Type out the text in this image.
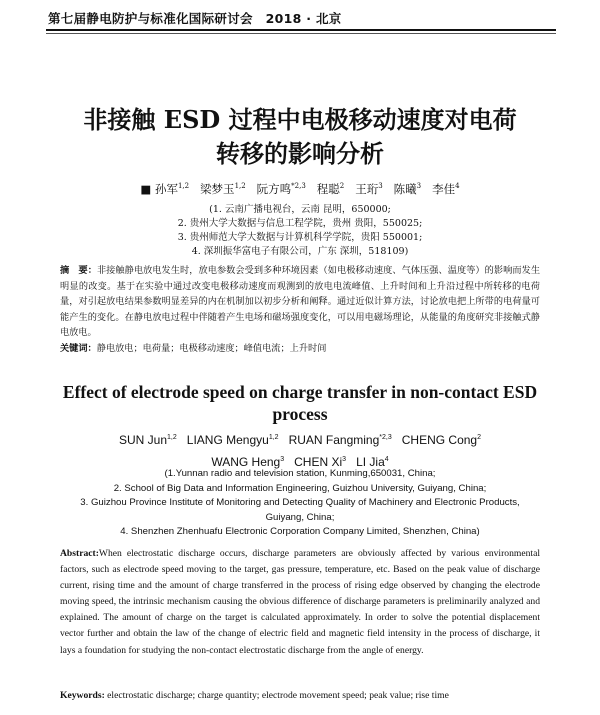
第七届静电防护与标准化国际研讨会　2018 · 北京
非接触 ESD 过程中电极移动速度对电荷
转移的影响分析
■ 孙军$^{1,2}$ 梁梦玉$^{1,2}$ 阮方鸣$^{*2,3}$ 程聪$^2$ 王珩$^3$ 陈曦$^3$ 李佳$^4$
(1. 云南广播电视台，云南 昆明，650000;
2. 贵州大学大数据与信息工程学院，贵州 贵阳，550025;
3. 贵州师范大学大数据与计算机科学学院，贵阳 550001;
4. 深圳振华富电子有限公司，广东 深圳，518109)
摘　要：非接触静电放电发生时，放电参数会受到多种环境因素（如电极移动速度、气体压强、温度等）的影响而发生明显的改变。基于在实验中通过改变电极移动速度而观测到的放电电流峰值、上升时间和上升沿过程中所转移的电荷量，对引起放电结果参数明显差异的内在机制加以初步分析和阐释。通过近似计算方法，讨论放电把上所带的电荷量可能产生的变化。在静电放电过程中伴随着产生电场和磁场强度变化，可以用电磁场理论，从能量的角度研究非接触式静电放电。
关键词：静电放电；电荷量；电极移动速度；峰值电流；上升时间
Effect of electrode speed on charge transfer in non-contact ESD
process
SUN Jun$^{1,2}$ LIANG Mengyu$^{1,2}$ RUAN Fangming$^{*2,3}$ CHENG Cong$^2$
WANG Heng$^3$ CHEN Xi$^3$ LI Jia$^4$
(1.Yunnan radio and television station, Kunming,650031, China;
2. School of Big Data and Information Engineering, Guizhou University, Guiyang, China;
3. Guizhou Province Institute of Monitoring and Detecting Quality of Machinery and Electronic Products,
Guiyang, China;
4. Shenzhen Zhenhuafu Electronic Corporation Company Limited, Shenzhen, China)
Abstract:When electrostatic discharge occurs, discharge parameters are obviously affected by various environmental factors, such as electrode speed moving to the target, gas pressure, temperature, etc. Based on the peak value of discharge current, rising time and the amount of charge transferred in the process of rising edge observed by changing the electrode moving speed, the intrinsic mechanism causing the obvious difference of discharge parameters is preliminarily analyzed and explained. The amount of charge on the target is calculated approximately. In order to solve the potential displacement vector further and obtain the law of the change of electric field and magnetic field intensity in the process of discharge, it lays a foundation for studying the non-contact electrostatic discharge from the angle of energy.
Keywords: electrostatic discharge; charge quantity; electrode movement speed; peak value; rise time
